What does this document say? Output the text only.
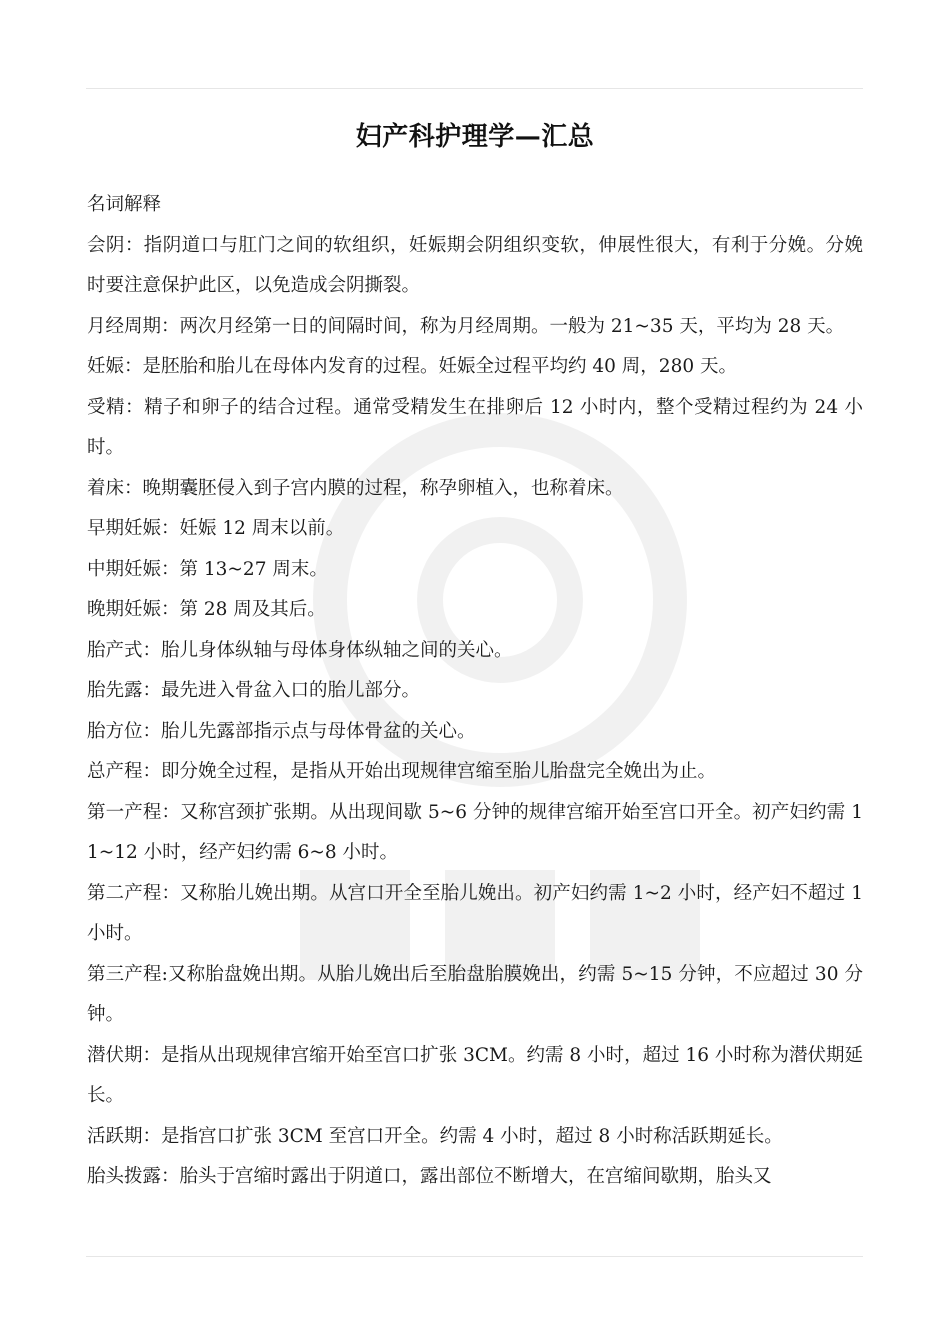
妇产科护理学—汇总

名词解释

会阴：指阴道口与肛门之间的软组织，妊娠期会阴组织变软，伸展性很大，有利于分娩。分娩时要注意保护此区，以免造成会阴撕裂。

月经周期：两次月经第一日的间隔时间，称为月经周期。一般为 21~35 天，平均为 28 天。

妊娠：是胚胎和胎儿在母体内发育的过程。妊娠全过程平均约 40 周，280 天。

受精：精子和卵子的结合过程。通常受精发生在排卵后 12 小时内，整个受精过程约为 24 小时。

着床：晚期囊胚侵入到子宫内膜的过程，称孕卵植入，也称着床。

早期妊娠：妊娠 12 周末以前。

中期妊娠：第 13~27 周末。

晚期妊娠：第 28 周及其后。

胎产式：胎儿身体纵轴与母体身体纵轴之间的关心。

胎先露：最先进入骨盆入口的胎儿部分。

胎方位：胎儿先露部指示点与母体骨盆的关心。

总产程：即分娩全过程，是指从开始出现规律宫缩至胎儿胎盘完全娩出为止。

第一产程：又称宫颈扩张期。从出现间歇 5~6 分钟的规律宫缩开始至宫口开全。初产妇约需 11~12 小时，经产妇约需 6~8 小时。

第二产程：又称胎儿娩出期。从宫口开全至胎儿娩出。初产妇约需 1~2 小时，经产妇不超过 1 小时。

第三产程:又称胎盘娩出期。从胎儿娩出后至胎盘胎膜娩出，约需 5~15 分钟，不应超过 30 分钟。

潜伏期：是指从出现规律宫缩开始至宫口扩张 3CM。约需 8 小时，超过 16 小时称为潜伏期延长。

活跃期：是指宫口扩张 3CM 至宫口开全。约需 4 小时，超过 8 小时称活跃期延长。

胎头拨露：胎头于宫缩时露出于阴道口，露出部位不断增大，在宫缩间歇期，胎头又
